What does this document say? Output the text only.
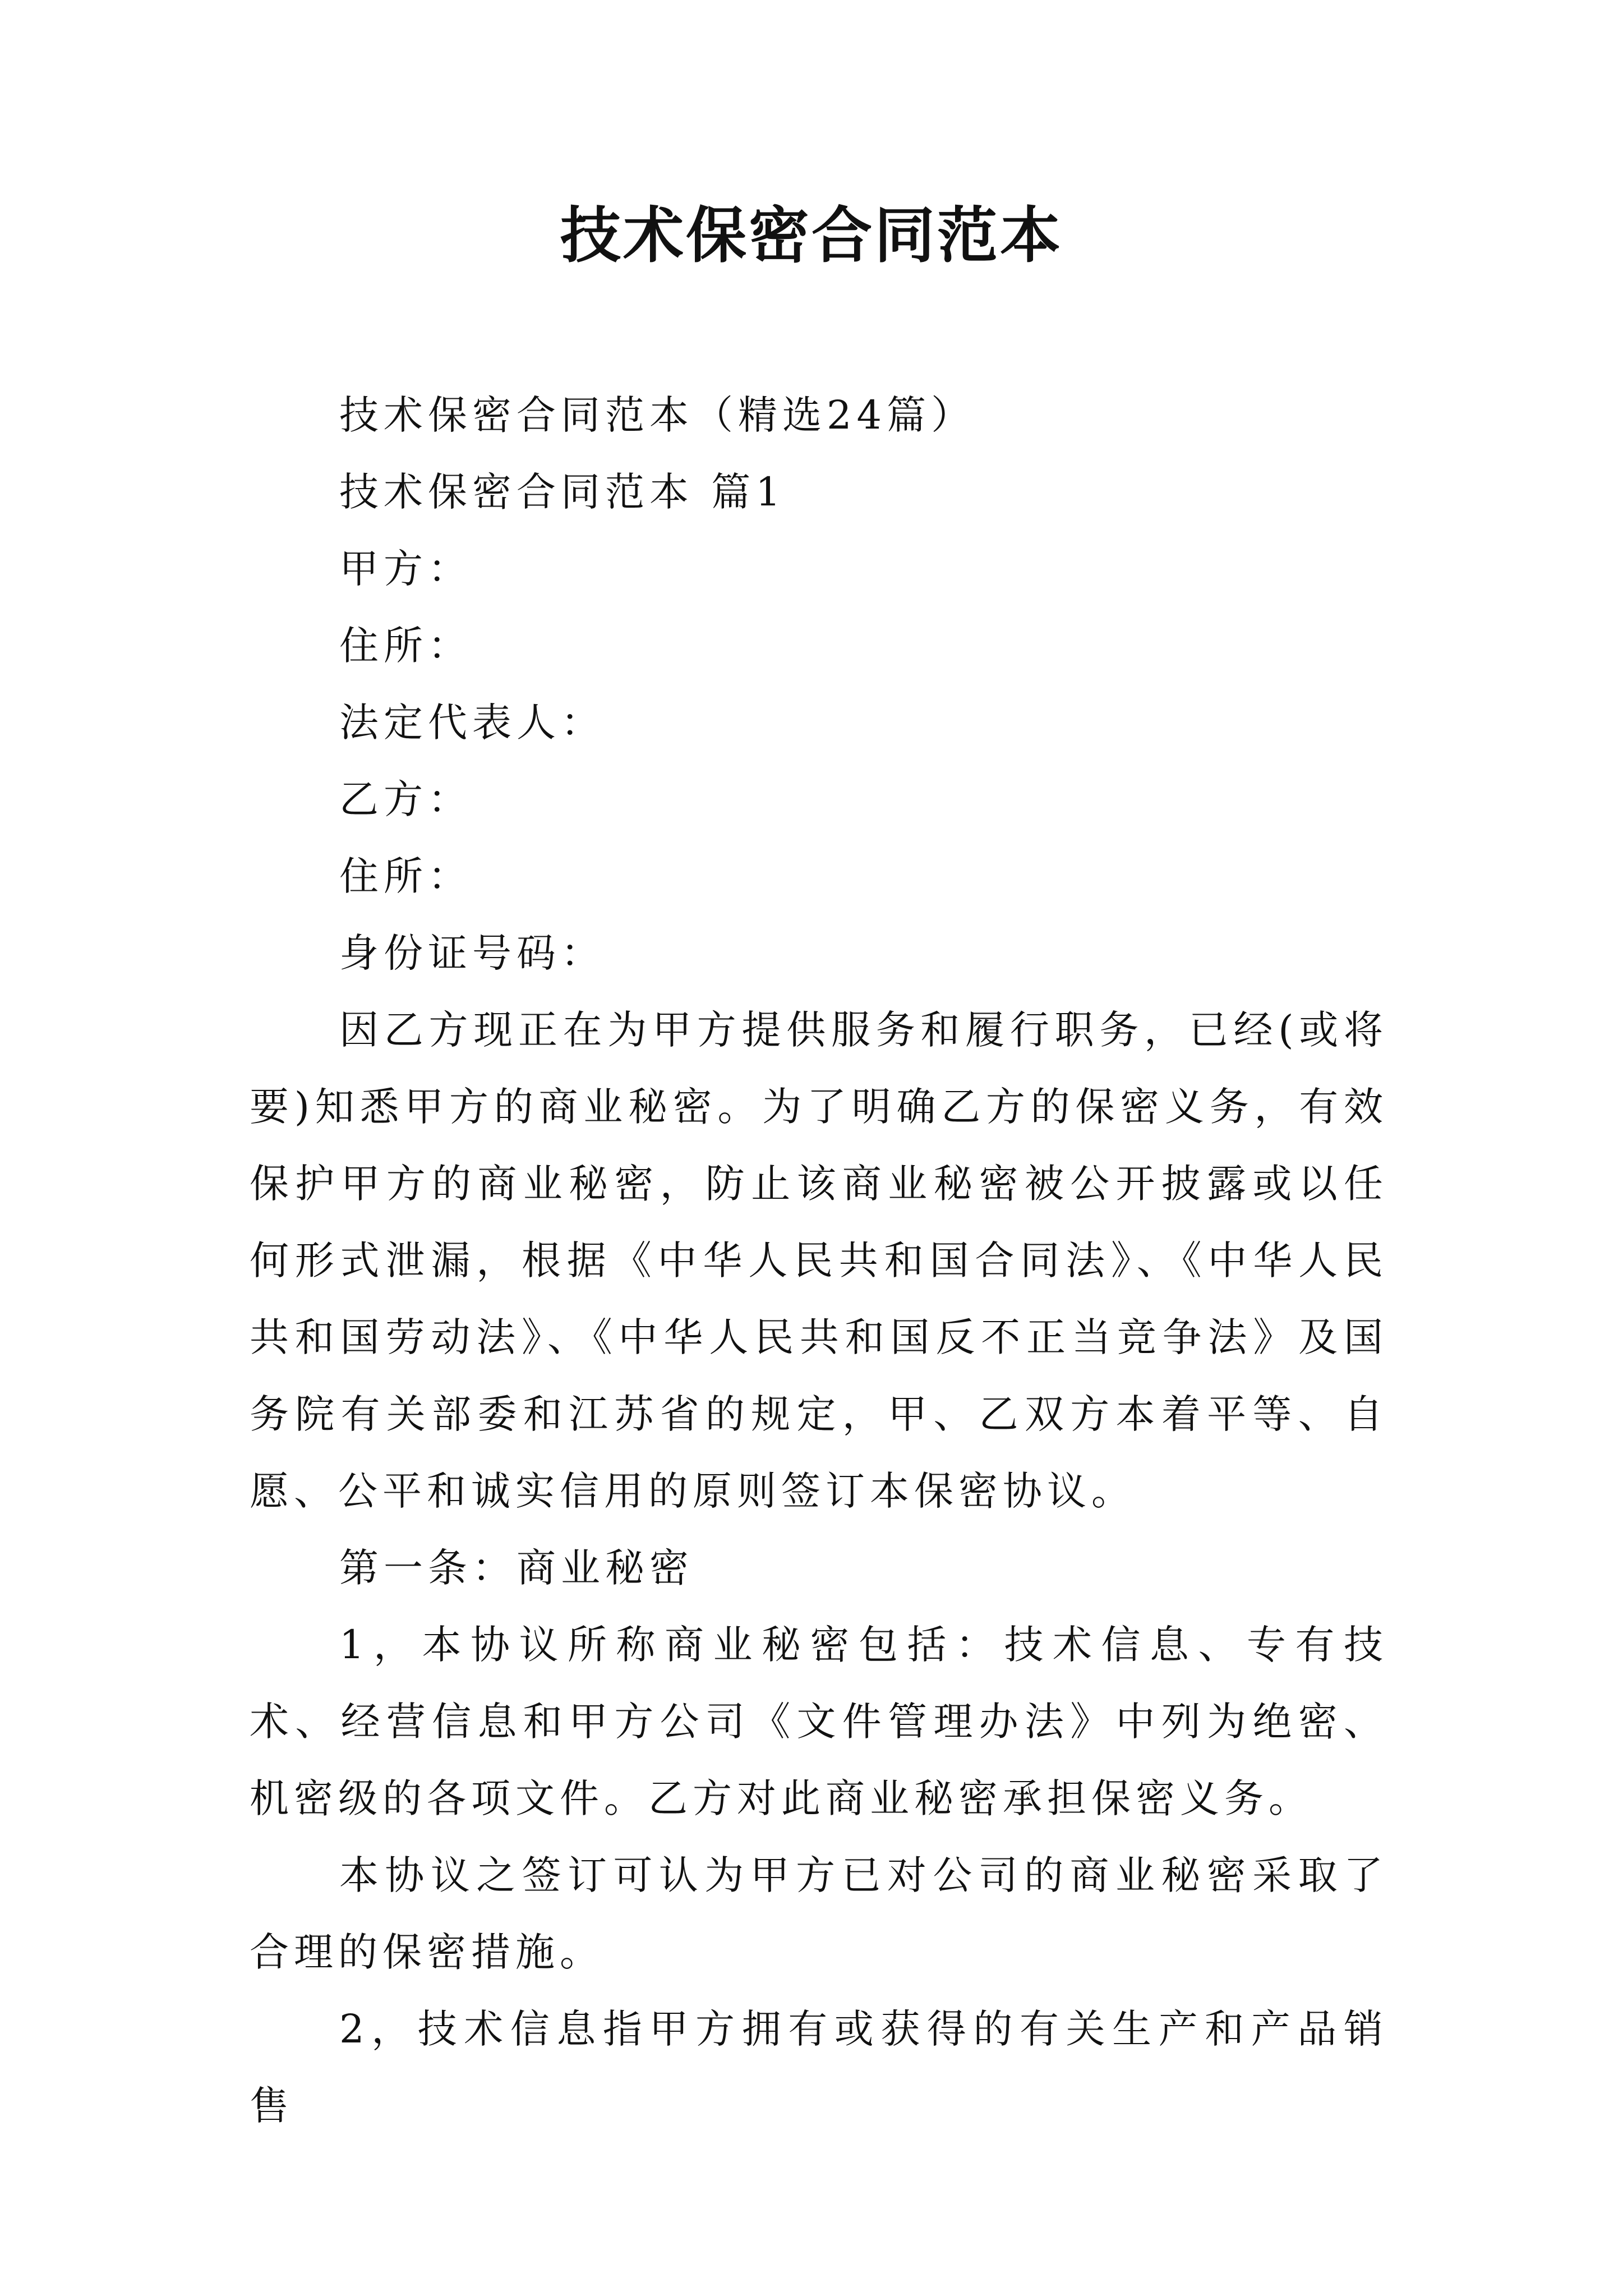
技术保密合同范本

技术保密合同范本（精选24篇）

技术保密合同范本 篇1

甲方：

住所：

法定代表人：

乙方：

住所：

身份证号码：

因乙方现正在为甲方提供服务和履行职务，已经(或将要)知悉甲方的商业秘密。为了明确乙方的保密义务，有效保护甲方的商业秘密，防止该商业秘密被公开披露或以任何形式泄漏，根据《中华人民共和国合同法》、《中华人民共和国劳动法》、《中华人民共和国反不正当竞争法》及国务院有关部委和江苏省的规定，甲、乙双方本着平等、自愿、公平和诚实信用的原则签订本保密协议。

第一条：商业秘密

1，本协议所称商业秘密包括：技术信息、专有技术、经营信息和甲方公司《文件管理办法》中列为绝密、机密级的各项文件。乙方对此商业秘密承担保密义务。

本协议之签订可认为甲方已对公司的商业秘密采取了合理的保密措施。

2，技术信息指甲方拥有或获得的有关生产和产品销售
